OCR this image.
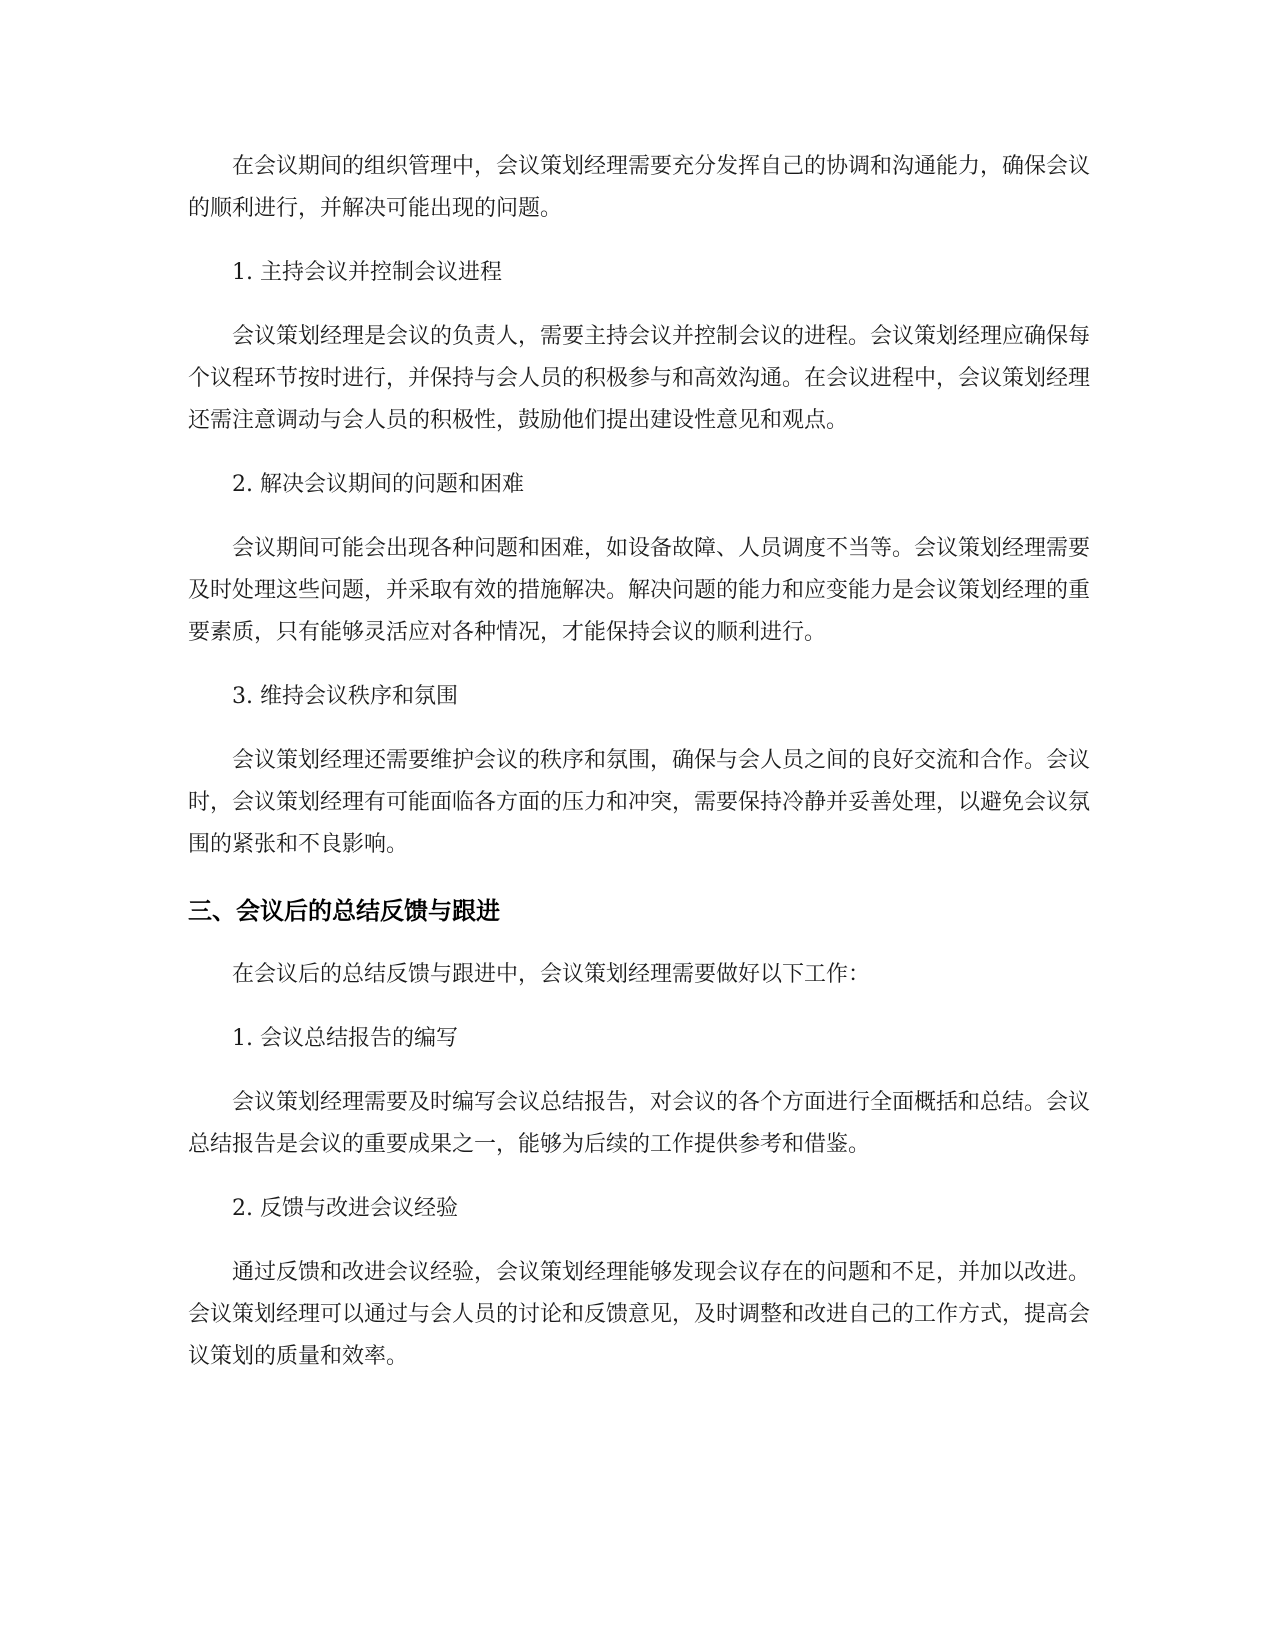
在会议期间的组织管理中，会议策划经理需要充分发挥自己的协调和沟通能力，确保会议的顺利进行，并解决可能出现的问题。

1. 主持会议并控制会议进程

会议策划经理是会议的负责人，需要主持会议并控制会议的进程。会议策划经理应确保每个议程环节按时进行，并保持与会人员的积极参与和高效沟通。在会议进程中，会议策划经理还需注意调动与会人员的积极性，鼓励他们提出建设性意见和观点。

2. 解决会议期间的问题和困难

会议期间可能会出现各种问题和困难，如设备故障、人员调度不当等。会议策划经理需要及时处理这些问题，并采取有效的措施解决。解决问题的能力和应变能力是会议策划经理的重要素质，只有能够灵活应对各种情况，才能保持会议的顺利进行。

3. 维持会议秩序和氛围

会议策划经理还需要维护会议的秩序和氛围，确保与会人员之间的良好交流和合作。会议时，会议策划经理有可能面临各方面的压力和冲突，需要保持冷静并妥善处理，以避免会议氛围的紧张和不良影响。

三、会议后的总结反馈与跟进

在会议后的总结反馈与跟进中，会议策划经理需要做好以下工作：

1. 会议总结报告的编写

会议策划经理需要及时编写会议总结报告，对会议的各个方面进行全面概括和总结。会议总结报告是会议的重要成果之一，能够为后续的工作提供参考和借鉴。

2. 反馈与改进会议经验

通过反馈和改进会议经验，会议策划经理能够发现会议存在的问题和不足，并加以改进。会议策划经理可以通过与会人员的讨论和反馈意见，及时调整和改进自己的工作方式，提高会议策划的质量和效率。
